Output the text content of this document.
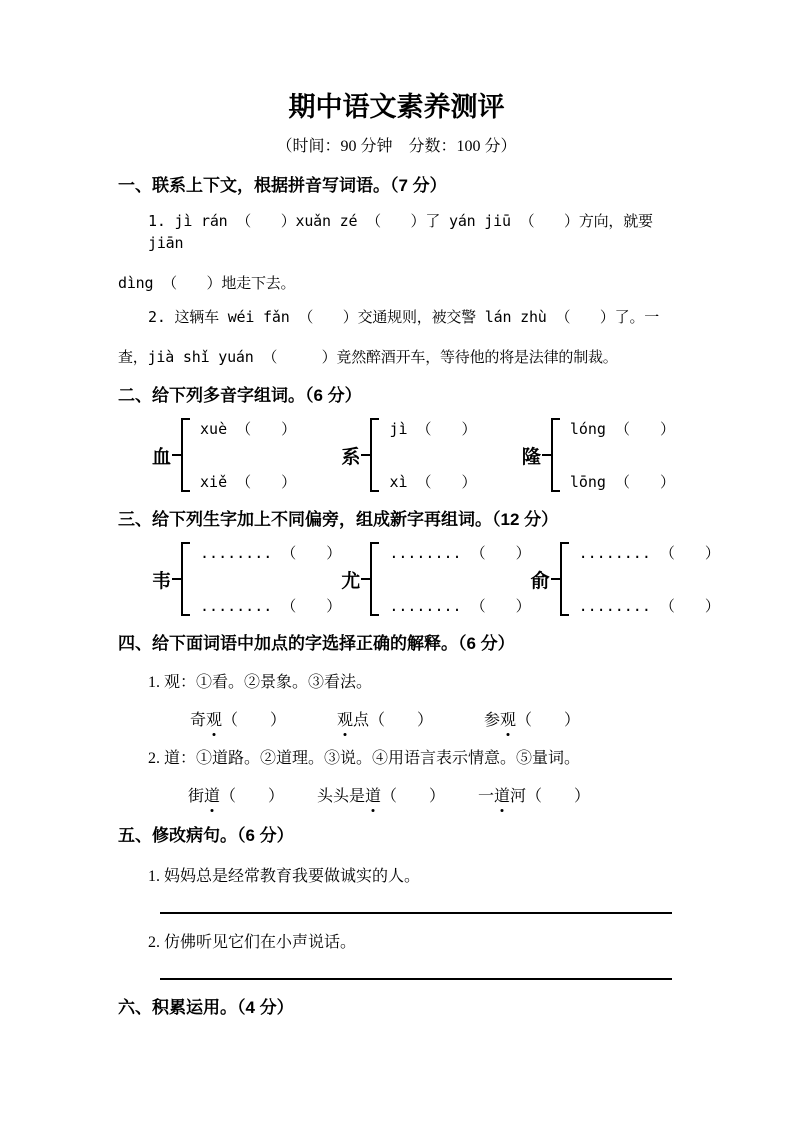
期中语文素养测评
（时间：90 分钟　分数：100 分）
一、联系上下文，根据拼音写词语。（7 分）
1. jì rán （　　）xuǎn zé （　　）了 yán jiū （　　）方向，就要 jiān
dìng （　　）地走下去。
2. 这辆车 wéi fǎn （　　）交通规则，被交警 lán zhù （　　）了。一
查，jià shǐ yuán （　　　）竟然醉酒开车，等待他的将是法律的制裁。
二、给下列多音字组词。（6 分）
血
xuè （　　）
xiě （　　）
系
jì （　　）
xì （　　）
隆
lóng （　　）
lōng （　　）
三、给下列生字加上不同偏旁，组成新字再组词。（12 分）
韦
........ （　　）
........ （　　）
尤
........ （　　）
........ （　　）
俞
........ （　　）
........ （　　）
四、给下面词语中加点的字选择正确的解释。（6 分）
1. 观：①看。②景象。③看法。
奇观（　　）	观点（　　）	参观（　　）
2. 道：①道路。②道理。③说。④用语言表示情意。⑤量词。
街道（　　） 头头是道（　　） 一道河（　　）
五、修改病句。（6 分）
1. 妈妈总是经常教育我要做诚实的人。
2. 仿佛听见它们在小声说话。
六、积累运用。（4 分）
